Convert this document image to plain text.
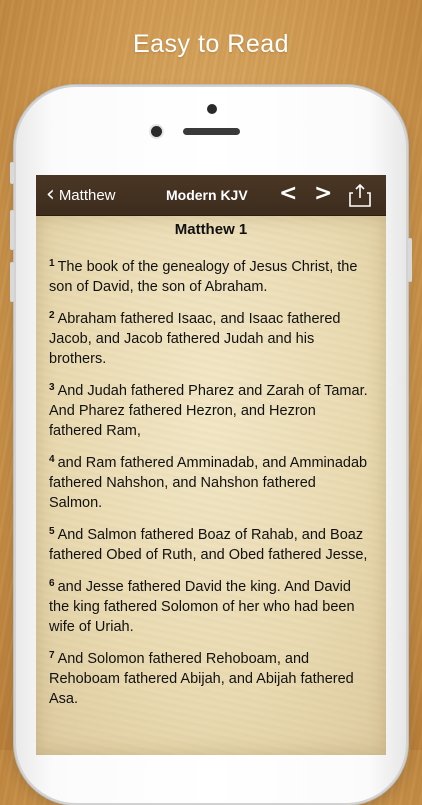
Easy to Read
‹ Matthew	Modern KJV < >
Matthew 1
$^1$ The book of the genealogy of Jesus Christ, the son of David, the son of Abraham.
$^2$ Abraham fathered Isaac, and Isaac fathered Jacob, and Jacob fathered Judah and his brothers.
$^3$ And Judah fathered Pharez and Zarah of Tamar. And Pharez fathered Hezron, and Hezron fathered Ram,
$^4$ and Ram fathered Amminadab, and Amminadab fathered Nahshon, and Nahshon fathered Salmon.
$^5$ And Salmon fathered Boaz of Rahab, and Boaz fathered Obed of Ruth, and Obed fathered Jesse,
$^6$ and Jesse fathered David the king. And David the king fathered Solomon of her who had been wife of Uriah.
$^7$ And Solomon fathered Rehoboam, and Rehoboam fathered Abijah, and Abijah fathered Asa.
